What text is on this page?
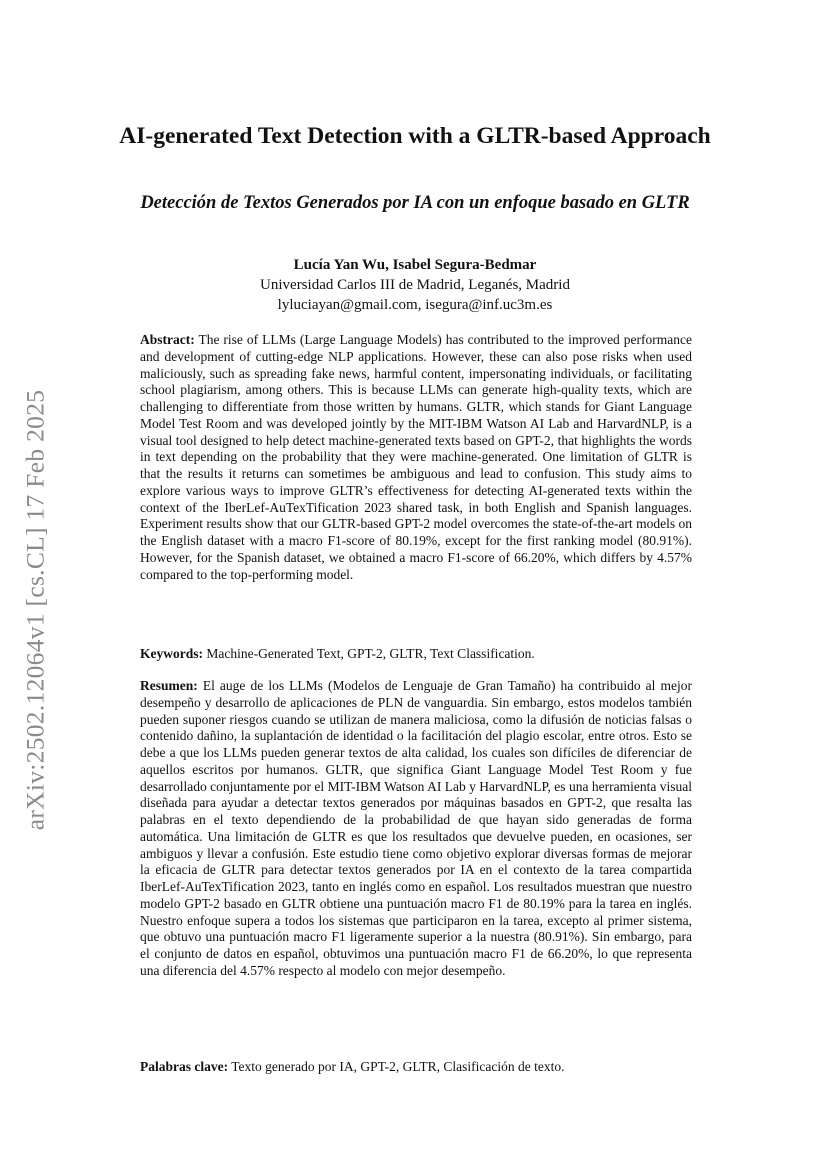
arXiv:2502.12064v1 [cs.CL] 17 Feb 2025
AI-generated Text Detection with a GLTR-based Approach
Detección de Textos Generados por IA con un enfoque basado en GLTR
Lucía Yan Wu, Isabel Segura-Bedmar
Universidad Carlos III de Madrid, Leganés, Madrid
lyluciayan@gmail.com, isegura@inf.uc3m.es

Abstract: The rise of LLMs (Large Language Models) has contributed to the improved performance and development of cutting-edge NLP applications. However, these can also pose risks when used maliciously, such as spreading fake news, harmful content, impersonating individuals, or facilitating school plagiarism, among others. This is because LLMs can generate high-quality texts, which are challenging to differentiate from those written by humans. GLTR, which stands for Giant Language Model Test Room and was developed jointly by the MIT-IBM Watson AI Lab and HarvardNLP, is a visual tool designed to help detect machine-generated texts based on GPT-2, that highlights the words in text depending on the probability that they were machine-generated. One limitation of GLTR is that the results it returns can sometimes be ambiguous and lead to confusion. This study aims to explore various ways to improve GLTR’s effectiveness for detecting AI-generated texts within the context of the IberLef-AuTexTification 2023 shared task, in both English and Spanish languages. Experiment results show that our GLTR-based GPT-2 model overcomes the state-of-the-art models on the English dataset with a macro F1-score of 80.19%, except for the first ranking model (80.91%). However, for the Spanish dataset, we obtained a macro F1-score of 66.20%, which differs by 4.57% compared to the top-performing model.

Keywords: Machine-Generated Text, GPT-2, GLTR, Text Classification.

Resumen: El auge de los LLMs (Modelos de Lenguaje de Gran Tamaño) ha contribuido al mejor desempeño y desarrollo de aplicaciones de PLN de vanguardia. Sin embargo, estos modelos también pueden suponer riesgos cuando se utilizan de manera maliciosa, como la difusión de noticias falsas o contenido dañino, la suplantación de identidad o la facilitación del plagio escolar, entre otros. Esto se debe a que los LLMs pueden generar textos de alta calidad, los cuales son difíciles de diferenciar de aquellos escritos por humanos. GLTR, que significa Giant Language Model Test Room y fue desarrollado conjuntamente por el MIT-IBM Watson AI Lab y HarvardNLP, es una herramienta visual diseñada para ayudar a detectar textos generados por máquinas basados en GPT-2, que resalta las palabras en el texto dependiendo de la probabilidad de que hayan sido generadas de forma automática. Una limitación de GLTR es que los resultados que devuelve pueden, en ocasiones, ser ambiguos y llevar a confusión. Este estudio tiene como objetivo explorar diversas formas de mejorar la eficacia de GLTR para detectar textos generados por IA en el contexto de la tarea compartida IberLef-AuTexTification 2023, tanto en inglés como en español. Los resultados muestran que nuestro modelo GPT-2 basado en GLTR obtiene una puntuación macro F1 de 80.19% para la tarea en inglés. Nuestro enfoque supera a todos los sistemas que participaron en la tarea, excepto al primer sistema, que obtuvo una puntuación macro F1 ligeramente superior a la nuestra (80.91%). Sin embargo, para el conjunto de datos en español, obtuvimos una puntuación macro F1 de 66.20%, lo que representa una diferencia del 4.57% respecto al modelo con mejor desempeño.

Palabras clave: Texto generado por IA, GPT-2, GLTR, Clasificación de texto.
